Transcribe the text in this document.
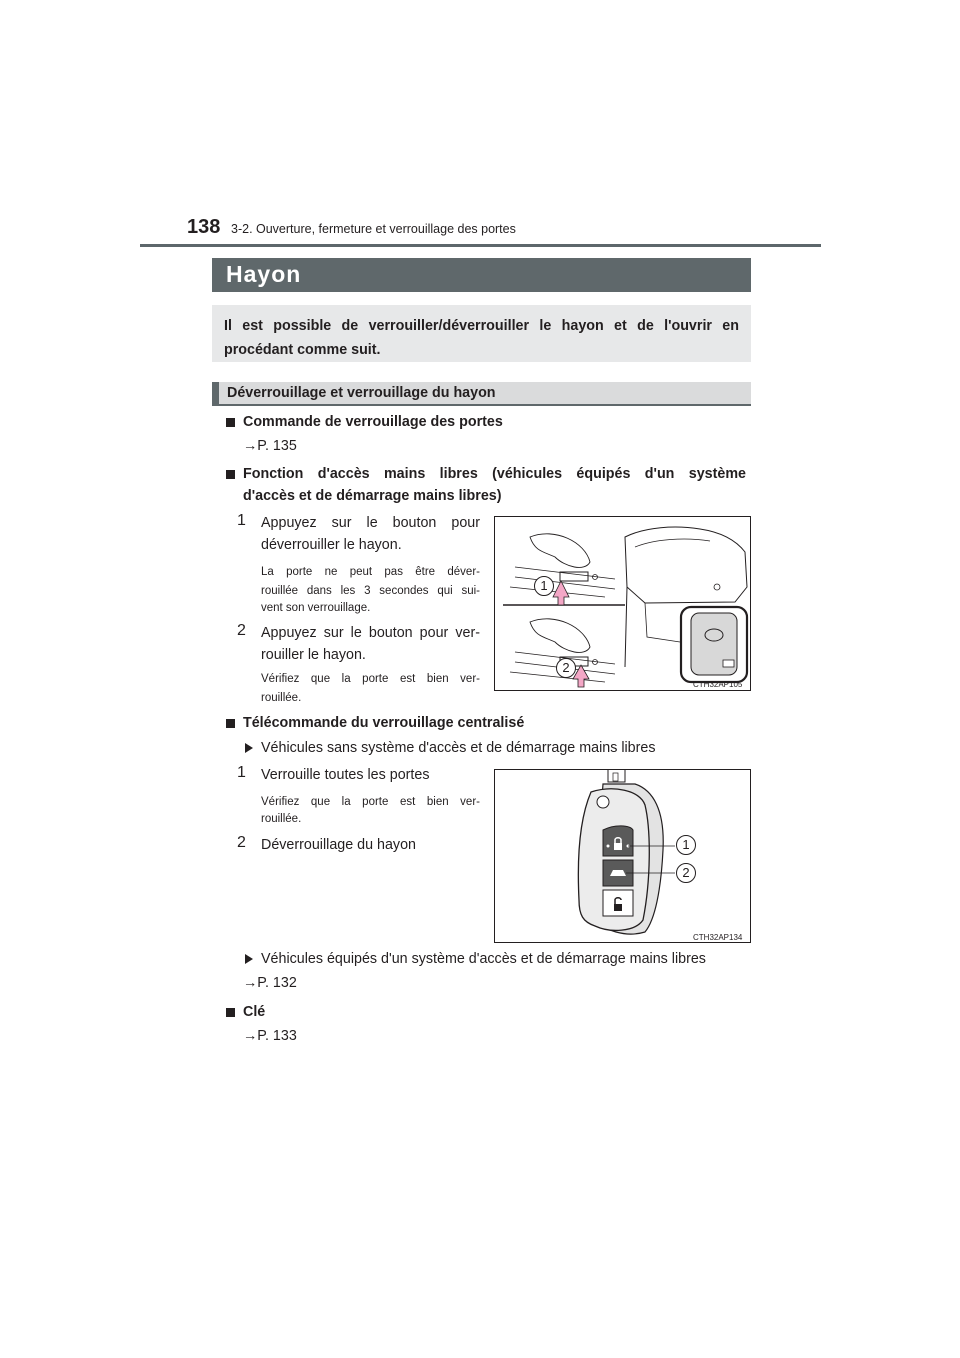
138 3-2. Ouverture, fermeture et verrouillage des portes
Hayon
Il est possible de verrouiller/déverrouiller le hayon et de l'ouvrir en procédant comme suit.
Déverrouillage et verrouillage du hayon
Commande de verrouillage des portes
→P. 135
Fonction d'accès mains libres (véhicules équipés d'un système
d'accès et de démarrage mains libres)
1 Appuyez sur le bouton pour
déverrouiller le hayon.
La porte ne peut pas être déver-
rouillée dans les 3 secondes qui sui-
vent son verrouillage.
2 Appuyez sur le bouton pour ver-
rouiller le hayon.
Vérifiez que la porte est bien ver-
rouillée.
1
2
CTH32AP105
Télécommande du verrouillage centralisé
Véhicules sans système d'accès et de démarrage mains libres
1 Verrouille toutes les portes
Vérifiez que la porte est bien ver-
rouillée.
2 Déverrouillage du hayon	1
2
CTH32AP134
Véhicules équipés d'un système d'accès et de démarrage mains libres
→P. 132
Clé
→P. 133
